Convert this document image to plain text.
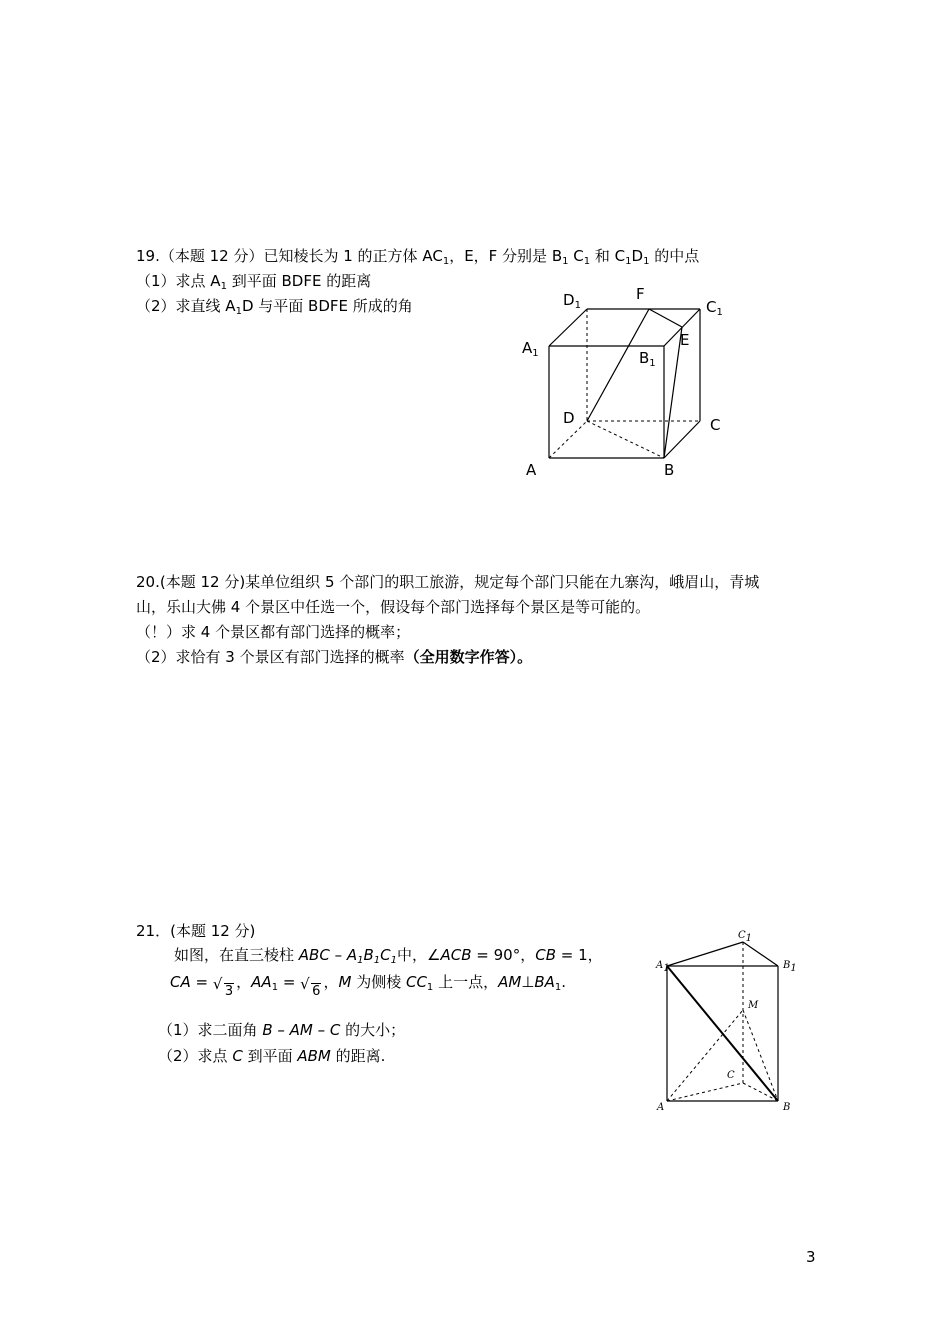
19.（本题 12 分）已知棱长为 1 的正方体 $AC_1$，E，F 分别是 $B_1$ $C_1$ 和 $C_1D_1$ 的中点
（1）求点 $A_1$ 到平面 BDFE 的距离
（2）求直线 $A_1D$ 与平面 BDFE 所成的角	$D_1$
F
$C_1$
$A_1$
E
$B_1$
D	C
A	B
20.(本题 12 分)某单位组织 5 个部门的职工旅游，规定每个部门只能在九寨沟，峨眉山，青城
山，乐山大佛 4 个景区中任选一个，假设每个部门选择每个景区是等可能的。
（！）求 4 个景区都有部门选择的概率；
（2）求恰有 3 个景区有部门选择的概率（全用数字作答）。
21．(本题 12 分)
如图，在直三棱柱 ABC – $A_1B_1C_1$中，∠ACB = 90°，CB = 1，
CA = √ 3，$AA_1$ = √ 6，M 为侧棱 $CC_1$ 上一点，$AM\perp BA_1$.
（1）求二面角 B – AM – C 的大小；
（2）求点 C 到平面 ABM 的距离.
$C_1$
$A_1$	$B_1$
M
C
A	B
3
